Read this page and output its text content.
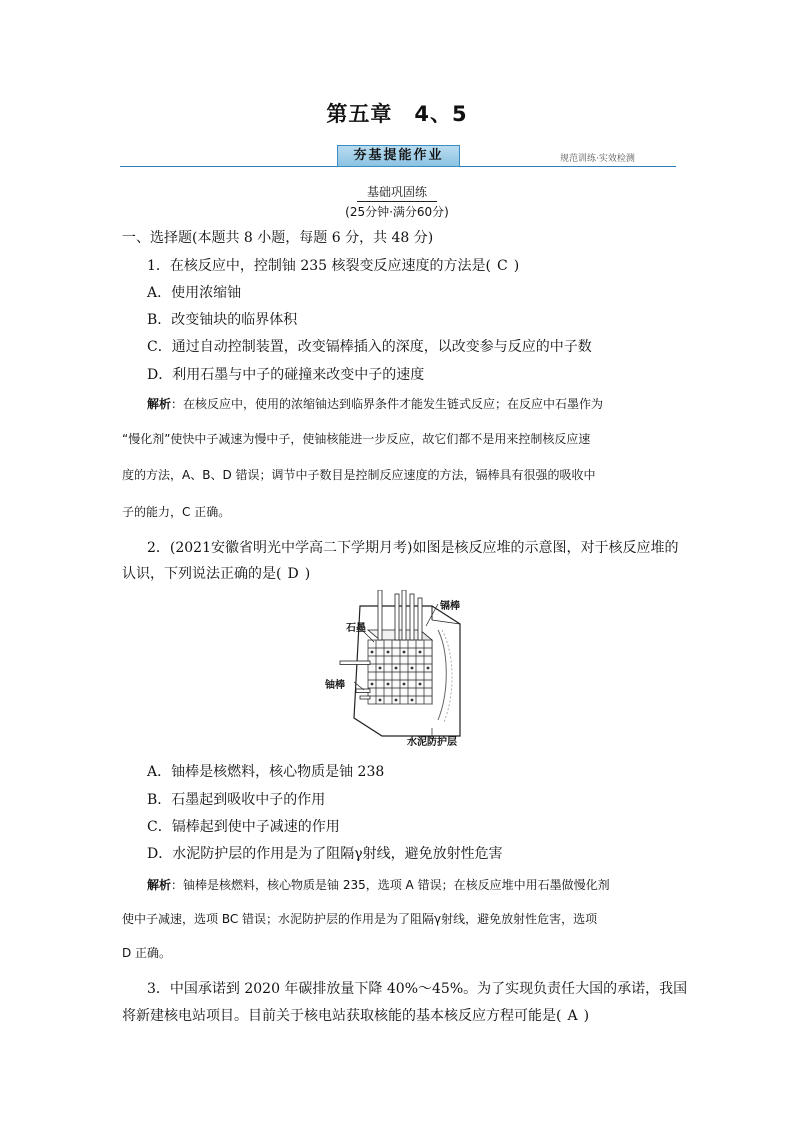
第五章　4、5
夯基提能作业	规范训练·实效检测
基础巩固练
(25分钟·满分60分)
一、选择题(本题共 8 小题，每题 6 分，共 48 分)
1．在核反应中，控制铀 235 核裂变反应速度的方法是( C )
A．使用浓缩铀
B．改变铀块的临界体积
C．通过自动控制装置，改变镉棒插入的深度，以改变参与反应的中子数
D．利用石墨与中子的碰撞来改变中子的速度
解析：在核反应中，使用的浓缩铀达到临界条件才能发生链式反应；在反应中石墨作为
“慢化剂”使快中子减速为慢中子，使铀核能进一步反应，故它们都不是用来控制核反应速
度的方法，A、B、D 错误；调节中子数目是控制反应速度的方法，镉棒具有很强的吸收中
子的能力，C 正确。
2．(2021安徽省明光中学高二下学期月考)如图是核反应堆的示意图，对于核反应堆的
认识，下列说法正确的是( D )
石墨
镉棒
铀棒
水泥防护层
A．铀棒是核燃料，核心物质是铀 238
B．石墨起到吸收中子的作用
C．镉棒起到使中子减速的作用
D．水泥防护层的作用是为了阻隔γ射线，避免放射性危害
解析：铀棒是核燃料，核心物质是铀 235，选项 A 错误；在核反应堆中用石墨做慢化剂
使中子减速，选项 BC 错误；水泥防护层的作用是为了阻隔γ射线，避免放射性危害，选项
D 正确。
3．中国承诺到 2020 年碳排放量下降 40%～45%。为了实现负责任大国的承诺，我国
将新建核电站项目。目前关于核电站获取核能的基本核反应方程可能是( A )
